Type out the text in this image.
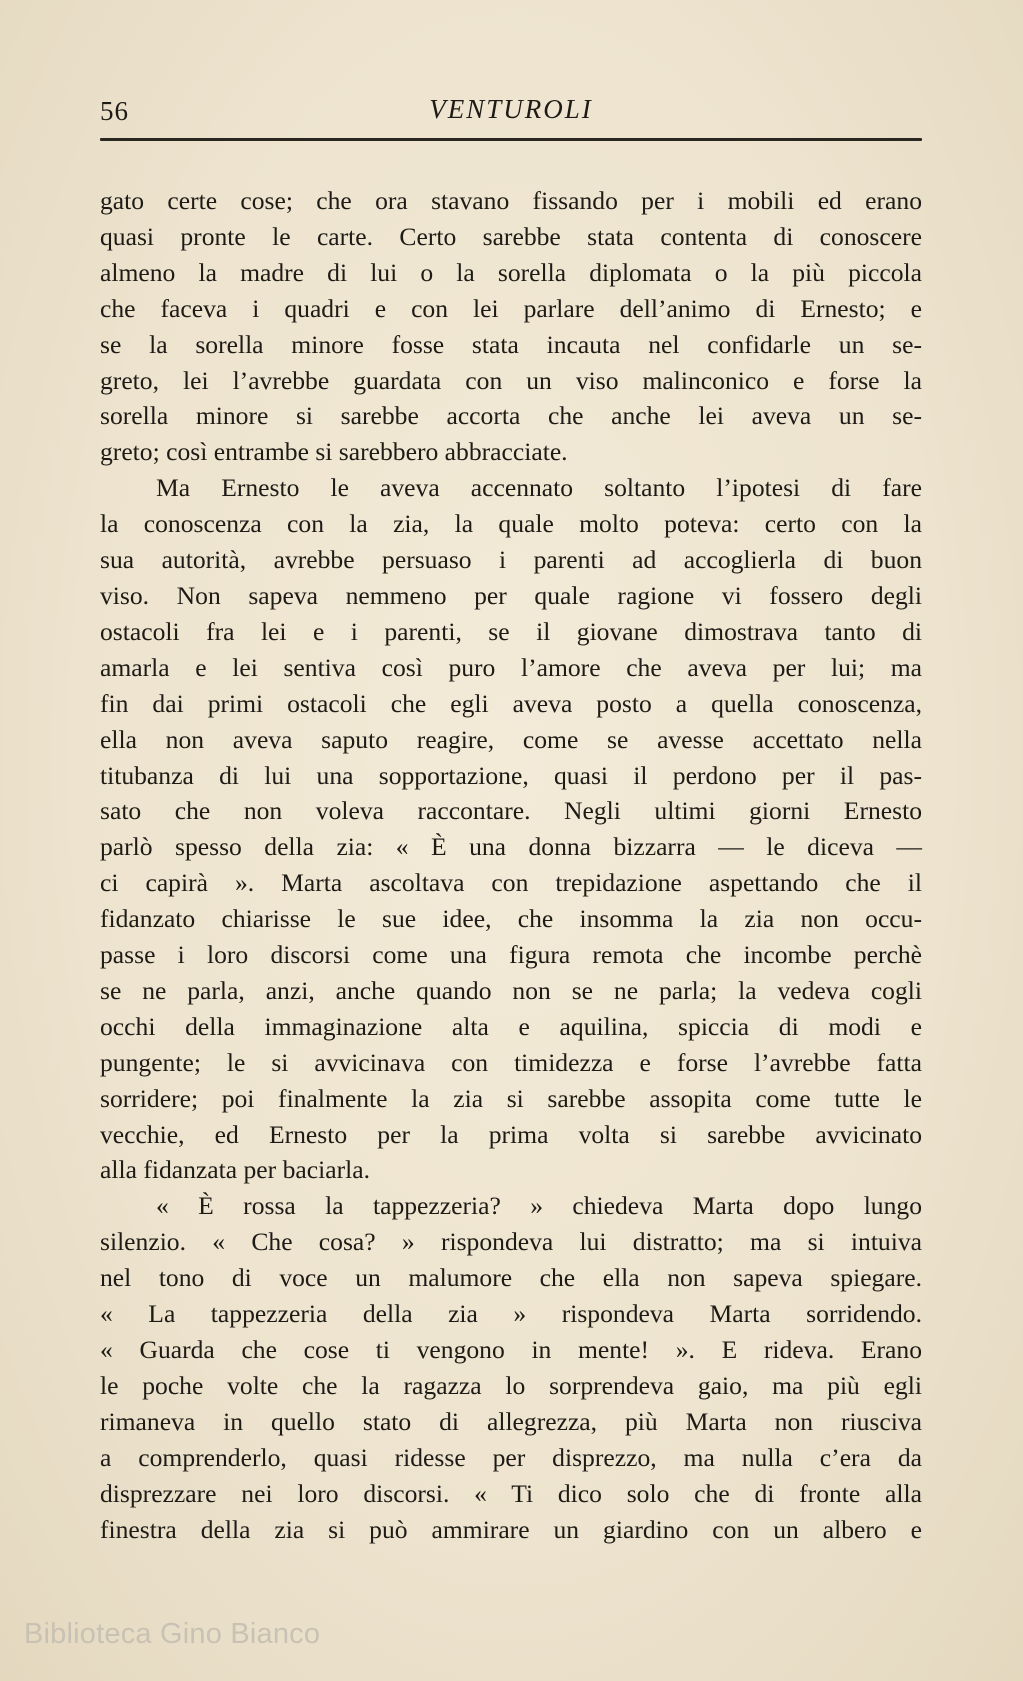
56	VENTUROLI
gato certe cose; che ora stavano fissando per i mobili ed erano
quasi pronte le carte. Certo sarebbe stata contenta di conoscere
almeno la madre di lui o la sorella diplomata o la più piccola
che faceva i quadri e con lei parlare dell’animo di Ernesto; e
se la sorella minore fosse stata incauta nel confidarle un se-
greto, lei l’avrebbe guardata con un viso malinconico e forse la
sorella minore si sarebbe accorta che anche lei aveva un se-
greto; così entrambe si sarebbero abbracciate.
Ma Ernesto le aveva accennato soltanto l’ipotesi di fare
la conoscenza con la zia, la quale molto poteva: certo con la
sua autorità, avrebbe persuaso i parenti ad accoglierla di buon
viso. Non sapeva nemmeno per quale ragione vi fossero degli
ostacoli fra lei e i parenti, se il giovane dimostrava tanto di
amarla e lei sentiva così puro l’amore che aveva per lui; ma
fin dai primi ostacoli che egli aveva posto a quella conoscenza,
ella non aveva saputo reagire, come se avesse accettato nella
titubanza di lui una sopportazione, quasi il perdono per il pas-
sato che non voleva raccontare. Negli ultimi giorni Ernesto
parlò spesso della zia: « È una donna bizzarra — le diceva —
ci capirà ». Marta ascoltava con trepidazione aspettando che il
fidanzato chiarisse le sue idee, che insomma la zia non occu-
passe i loro discorsi come una figura remota che incombe perchè
se ne parla, anzi, anche quando non se ne parla; la vedeva cogli
occhi della immaginazione alta e aquilina, spiccia di modi e
pungente; le si avvicinava con timidezza e forse l’avrebbe fatta
sorridere; poi finalmente la zia si sarebbe assopita come tutte le
vecchie, ed Ernesto per la prima volta si sarebbe avvicinato
alla fidanzata per baciarla.
« È rossa la tappezzeria? » chiedeva Marta dopo lungo
silenzio. « Che cosa? » rispondeva lui distratto; ma si intuiva
nel tono di voce un malumore che ella non sapeva spiegare.
« La tappezzeria della zia » rispondeva Marta sorridendo.
« Guarda che cose ti vengono in mente! ». E rideva. Erano
le poche volte che la ragazza lo sorprendeva gaio, ma più egli
rimaneva in quello stato di allegrezza, più Marta non riusciva
a comprenderlo, quasi ridesse per disprezzo, ma nulla c’era da
disprezzare nei loro discorsi. « Ti dico solo che di fronte alla
finestra della zia si può ammirare un giardino con un albero e
Biblioteca Gino Bianco
